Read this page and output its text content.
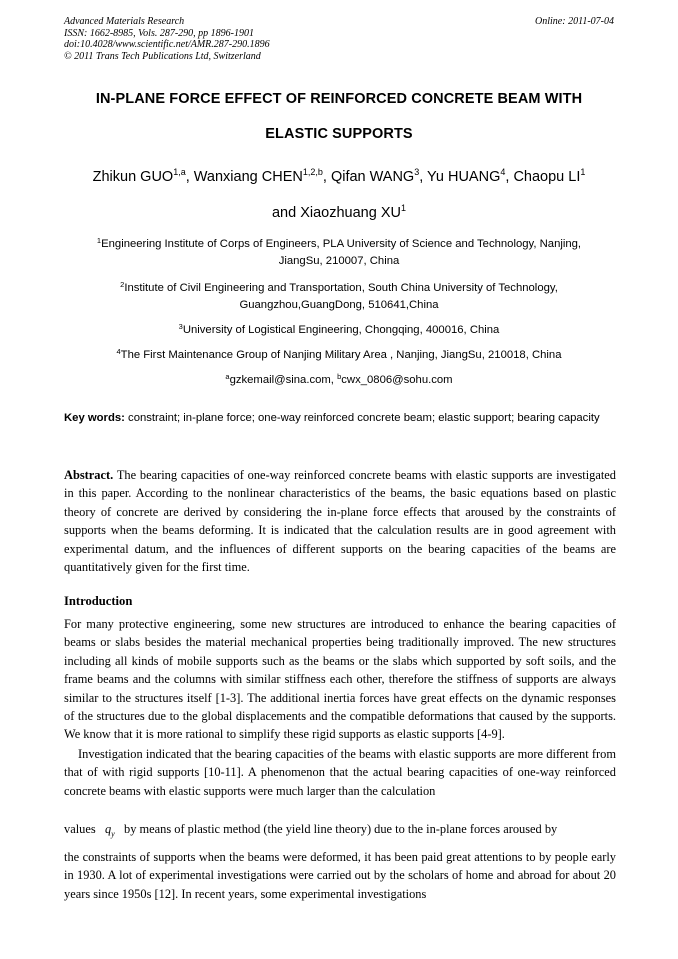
Advanced Materials Research
ISSN: 1662-8985, Vols. 287-290, pp 1896-1901
doi:10.4028/www.scientific.net/AMR.287-290.1896
© 2011 Trans Tech Publications Ltd, Switzerland
Online: 2011-07-04
IN-PLANE FORCE EFFECT OF REINFORCED CONCRETE BEAM WITH
ELASTIC SUPPORTS
Zhikun GUO$^{1,a}$, Wanxiang CHEN$^{1,2,b}$, Qifan WANG$^3$, Yu HUANG$^4$, Chaopu $LI^1$
and Xiaozhuang $XU^1$
$^1$Engineering Institute of Corps of Engineers, PLA University of Science and Technology, Nanjing,
JiangSu, 210007, China
$^2$Institute of Civil Engineering and Transportation, South China University of Technology,
Guangzhou,GuangDong, 510641,China
$^3$University of Logistical Engineering, Chongqing, 400016, China
$^4$The First Maintenance Group of Nanjing Military Area , Nanjing, JiangSu, 210018, China
$^a$gzkemail@sina.com, $^b$cwx_0806@sohu.com
Key words: constraint; in-plane force; one-way reinforced concrete beam; elastic support; bearing capacity
Abstract. The bearing capacities of one-way reinforced concrete beams with elastic supports are investigated in this paper. According to the nonlinear characteristics of the beams, the basic equations based on plastic theory of concrete are derived by considering the in-plane force effects that aroused by the constraints of supports when the beams deforming. It is indicated that the calculation results are in good agreement with experimental datum, and the influences of different supports on the bearing capacities of the beams are quantitatively given for the first time.
Introduction
For many protective engineering, some new structures are introduced to enhance the bearing capacities of beams or slabs besides the material mechanical properties being traditionally improved. The new structures including all kinds of mobile supports such as the beams or the slabs which supported by soft soils, and the frame beams and the columns with similar stiffness each other, therefore the stiffness of supports are always similar to the structures itself [1-3]. The additional inertia forces have great effects on the dynamic responses of the structures due to the global displacements and the compatible deformations that caused by the supports. We know that it is more rational to simplify these rigid supports as elastic supports [4-9].
Investigation indicated that the bearing capacities of the beams with elastic supports are more different from that of with rigid supports [10-11]. A phenomenon that the actual bearing capacities of one-way reinforced concrete beams with elastic supports were much larger than the calculation
values $q_y$ by means of plastic method (the yield line theory) due to the in-plane forces aroused by
the constraints of supports when the beams were deformed, it has been paid great attentions to by people early in 1930. A lot of experimental investigations were carried out by the scholars of home and abroad for about 20 years since 1950s [12]. In recent years, some experimental investigations
